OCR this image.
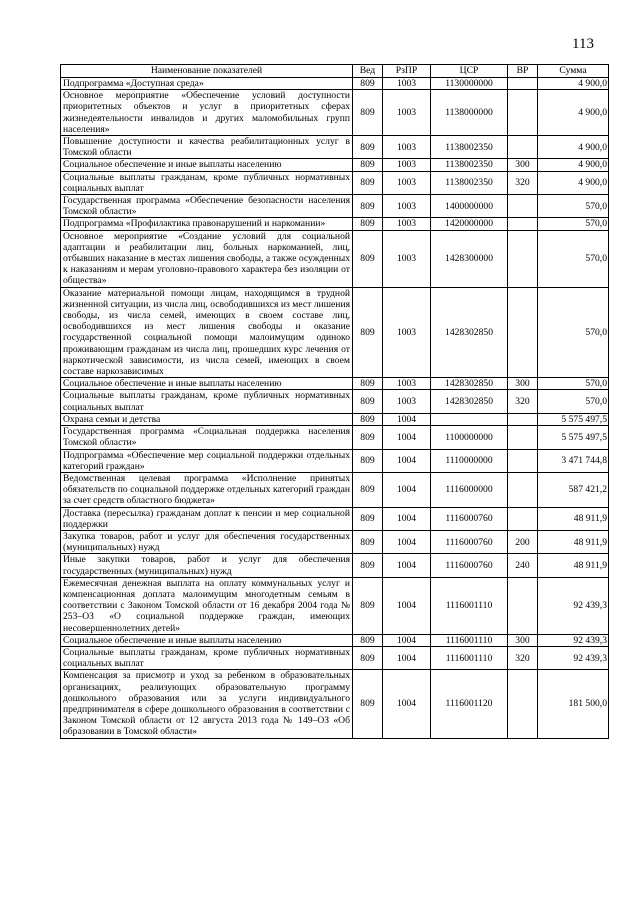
113
Наименование показателей	Вед	РзПР	ЦСР	ВР	Сумма
Подпрограмма «Доступная среда»	809	1003	1130000000		4 900,0
Основное мероприятие «Обеспечение условий доступности приоритетных объектов и услуг в приоритетных сферах жизнедеятельности инвалидов и других маломобильных групп населения»	809	1003	1138000000		4 900,0
Повышение доступности и качества реабилитационных услуг в Томской области	809	1003	1138002350		4 900,0
Социальное обеспечение и иные выплаты населению	809	1003	1138002350	300	4 900,0
Социальные выплаты гражданам, кроме публичных нормативных социальных выплат	809	1003	1138002350	320	4 900,0
Государственная программа «Обеспечение безопасности населения Томской области»	809	1003	1400000000		570,0
Подпрограмма «Профилактика правонарушений и наркомании»	809	1003	1420000000		570,0
Основное мероприятие «Создание условий для социальной адаптации и реабилитации лиц, больных наркоманией, лиц, отбывших наказание в местах лишения свободы, а также осужденных к наказаниям и мерам уголовно-правового характера без изоляции от общества»	809	1003	1428300000		570,0
Оказание материальной помощи лицам, находящимся в трудной жизненной ситуации, из числа лиц, освободившихся из мест лишения свободы, из числа семей, имеющих в своем составе лиц, освободившихся из мест лишения свободы и оказание государственной социальной помощи малоимущим одиноко проживающим гражданам из числа лиц, прошедших курс лечения от наркотической зависимости, из числа семей, имеющих в своем составе наркозависимых	809	1003	1428302850		570,0
Социальное обеспечение и иные выплаты населению	809	1003	1428302850	300	570,0
Социальные выплаты гражданам, кроме публичных нормативных социальных выплат	809	1003	1428302850	320	570,0
Охрана семьи и детства	809	1004			5 575 497,5
Государственная программа «Социальная поддержка населения Томской области»	809	1004	1100000000		5 575 497,5
Подпрограмма «Обеспечение мер социальной поддержки отдельных категорий граждан»	809	1004	1110000000		3 471 744,8
Ведомственная целевая программа «Исполнение принятых обязательств по социальной поддержке отдельных категорий граждан за счет средств областного бюджета»	809	1004	1116000000		587 421,2
Доставка (пересылка) гражданам доплат к пенсии и мер социальной поддержки	809	1004	1116000760		48 911,9
Закупка товаров, работ и услуг для обеспечения государственных (муниципальных) нужд	809	1004	1116000760	200	48 911,9
Иные закупки товаров, работ и услуг для обеспечения государственных (муниципальных) нужд	809	1004	1116000760	240	48 911,9
Ежемесячная денежная выплата на оплату коммунальных услуг и компенсационная доплата малоимущим многодетным семьям в соответствии с Законом Томской области от 16 декабря 2004 года № 253–ОЗ «О социальной поддержке граждан, имеющих несовершеннолетних детей»	809	1004	1116001110		92 439,3
Социальное обеспечение и иные выплаты населению	809	1004	1116001110	300	92 439,3
Социальные выплаты гражданам, кроме публичных нормативных социальных выплат	809	1004	1116001110	320	92 439,3
Компенсация за присмотр и уход за ребенком в образовательных организациях, реализующих образовательную программу дошкольного образования или за услуги индивидуального предпринимателя в сфере дошкольного образования в соответствии с Законом Томской области от 12 августа 2013 года № 149–ОЗ «Об образовании в Томской области»	809	1004	1116001120		181 500,0
